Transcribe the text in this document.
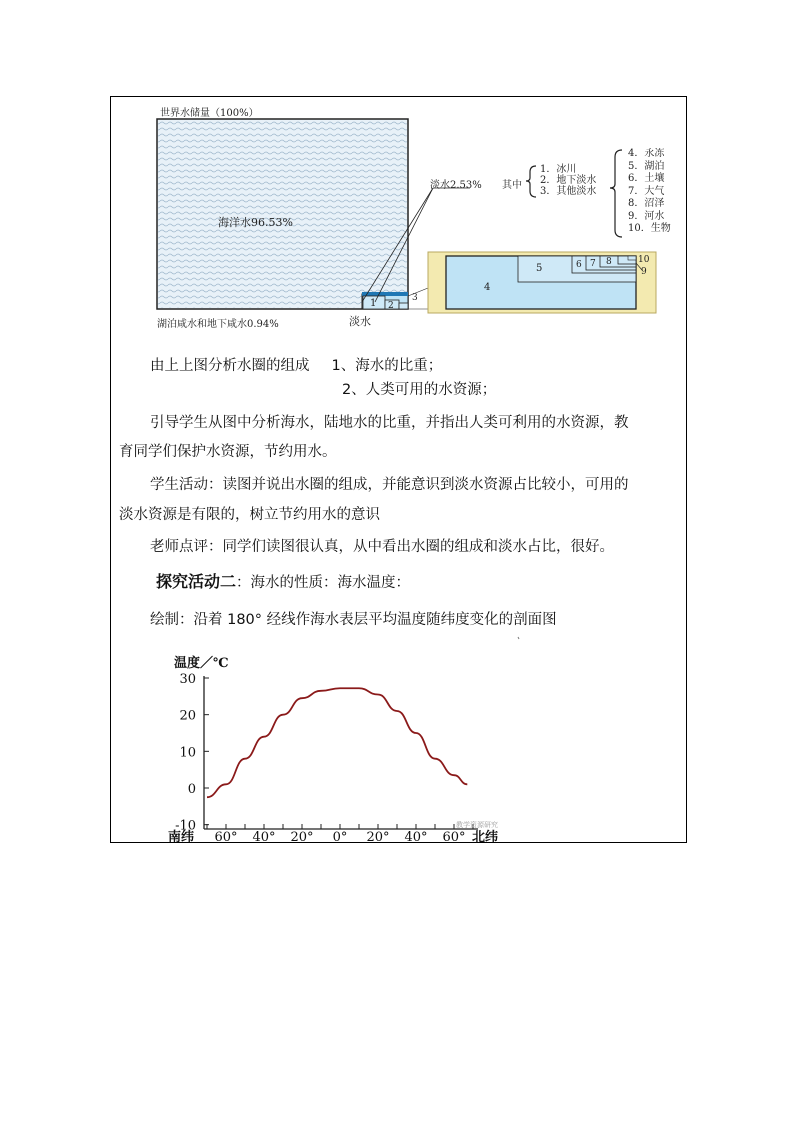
1 2
3
4
5	6 7 8
9
10
世界水储量（100%）
海洋水96.53%
淡水2.53% 其中
1．冰川
2．地下淡水
3．其他淡水
4．永冻
5．湖泊
6．土壤
7．大气
8．沼泽
9．河水
10．生物
湖泊咸水和地下咸水0.94%	淡水
由上上图分析水圈的组成 1、海水的比重；
2、人类可用的水资源；
引导学生从图中分析海水，陆地水的比重，并指出人类可利用的水资源，教
育同学们保护水资源，节约用水。
学生活动：读图并说出水圈的组成，并能意识到淡水资源占比较小，可用的
淡水资源是有限的，树立节约用水的意识
老师点评：同学们读图很认真，从中看出水圈的组成和淡水占比，很好。
探究活动二：海水的性质：海水温度：
绘制：沿着 180° 经线作海水表层平均温度随纬度变化的剖面图
30
20
10
0
-10
60° 40° 20° 0° 20° 40° 60°
南纬	北纬
温度／℃
教学资源研究
